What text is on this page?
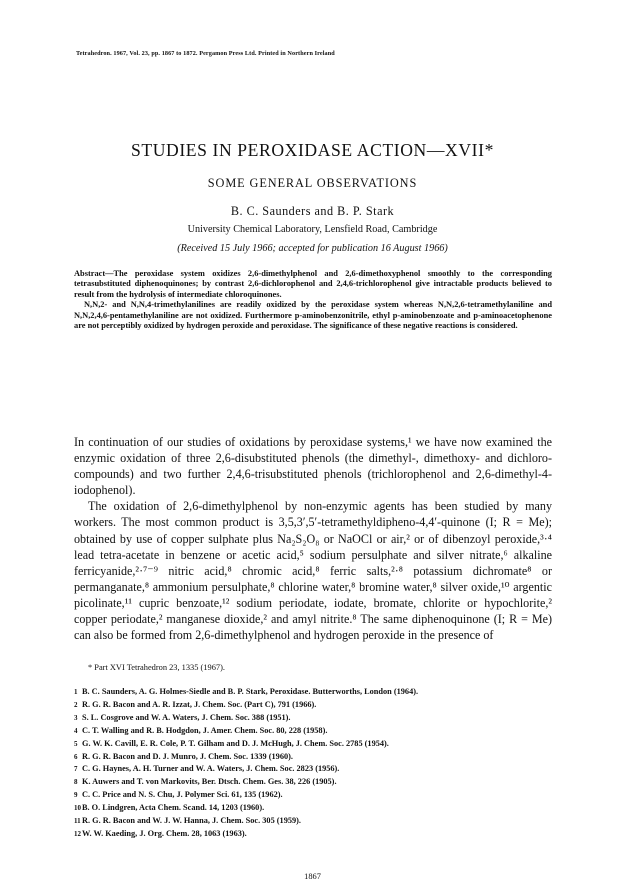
Tetrahedron. 1967, Vol. 23, pp. 1867 to 1872. Pergamon Press Ltd. Printed in Northern Ireland
STUDIES IN PEROXIDASE ACTION—XVII*
SOME GENERAL OBSERVATIONS
B. C. Saunders and B. P. Stark
University Chemical Laboratory, Lensfield Road, Cambridge
(Received 15 July 1966; accepted for publication 16 August 1966)

Abstract—The peroxidase system oxidizes 2,6-dimethylphenol and 2,6-dimethoxyphenol smoothly to the corresponding tetrasubstituted diphenoquinones; by contrast 2,6-dichlorophenol and 2,4,6-trichlorophenol give intractable products believed to result from the hydrolysis of intermediate chloroquinones.

N,N,2- and N,N,4-trimethylanilines are readily oxidized by the peroxidase system whereas N,N,2,6-tetramethylaniline and N,N,2,4,6-pentamethylaniline are not oxidized. Furthermore p-aminobenzonitrile, ethyl p-aminobenzoate and p-aminoacetophenone are not perceptibly oxidized by hydrogen peroxide and peroxidase. The significance of these negative reactions is considered.

In continuation of our studies of oxidations by peroxidase systems,¹ we have now examined the enzymic oxidation of three 2,6-disubstituted phenols (the dimethyl-, dimethoxy- and dichloro-compounds) and two further 2,4,6-trisubstituted phenols (trichlorophenol and 2,6-dimethyl-4-iodophenol).

The oxidation of 2,6-dimethylphenol by non-enzymic agents has been studied by many workers. The most common product is 3,5,3′,5′-tetramethyldipheno-4,4′-quinone (I; R = Me); obtained by use of copper sulphate plus Na₂S₂O₈ or NaOCl or air,² or of dibenzoyl peroxide,³·⁴ lead tetra-acetate in benzene or acetic acid,⁵ sodium persulphate and silver nitrate,⁶ alkaline ferricyanide,²·⁷⁻⁹ nitric acid,⁸ chromic acid,⁸ ferric salts,²·⁸ potassium dichromate⁸ or permanganate,⁸ ammonium persulphate,⁸ chlorine water,⁸ bromine water,⁸ silver oxide,¹⁰ argentic picolinate,¹¹ cupric benzoate,¹² sodium periodate, iodate, bromate, chlorite or hypochlorite,² copper periodate,² manganese dioxide,² and amyl nitrite.⁸ The same diphenoquinone (I; R = Me) can also be formed from 2,6-dimethylphenol and hydrogen peroxide in the presence of

* Part XVI Tetrahedron 23, 1335 (1967).
1 B. C. Saunders, A. G. Holmes-Siedle and B. P. Stark, Peroxidase. Butterworths, London (1964).
2 R. G. R. Bacon and A. R. Izzat, J. Chem. Soc. (Part C), 791 (1966).
3 S. L. Cosgrove and W. A. Waters, J. Chem. Soc. 388 (1951).
4 C. T. Walling and R. B. Hodgdon, J. Amer. Chem. Soc. 80, 228 (1958).
5 G. W. K. Cavill, E. R. Cole, P. T. Gilham and D. J. McHugh, J. Chem. Soc. 2785 (1954).
6 R. G. R. Bacon and D. J. Munro, J. Chem. Soc. 1339 (1960).
7 C. G. Haynes, A. H. Turner and W. A. Waters, J. Chem. Soc. 2823 (1956).
8 K. Auwers and T. von Markovits, Ber. Dtsch. Chem. Ges. 38, 226 (1905).
9 C. C. Price and N. S. Chu, J. Polymer Sci. 61, 135 (1962).
10B. O. Lindgren, Acta Chem. Scand. 14, 1203 (1960).
11R. G. R. Bacon and W. J. W. Hanna, J. Chem. Soc. 305 (1959).
12W. W. Kaeding, J. Org. Chem. 28, 1063 (1963).
1867
